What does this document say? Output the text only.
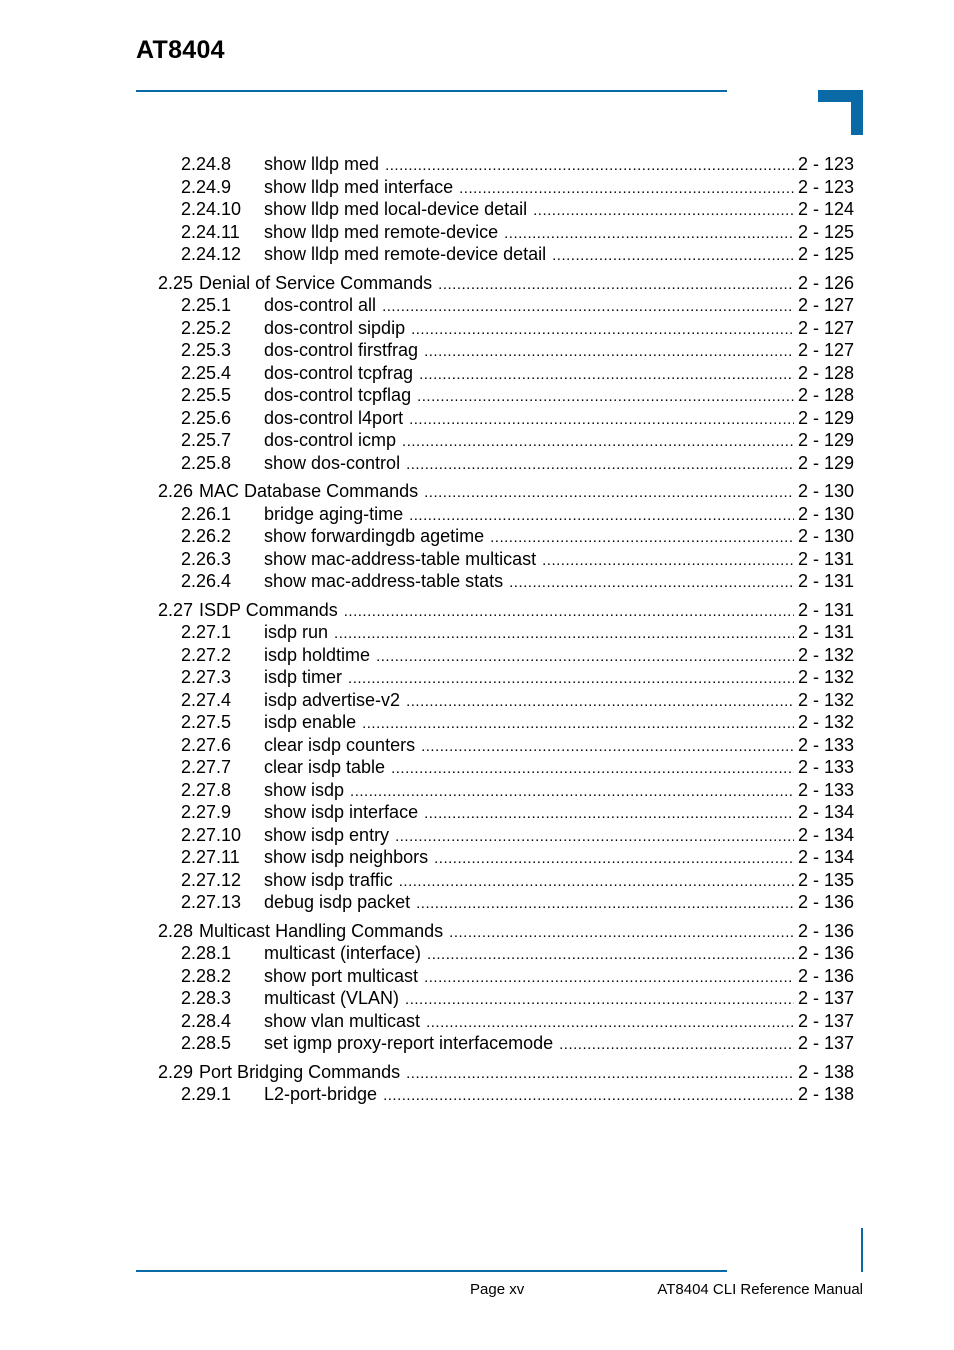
AT8404
2.24.8	show lldp med .....	2 - 123
2.24.9	show lldp med interface .....	2 - 123
2.24.10	show lldp med local-device detail .....	2 - 124
2.24.11	show lldp med remote-device .....	2 - 125
2.24.12	show lldp med remote-device detail .....	2 - 125
2.25 Denial of Service Commands .....	2 - 126
2.25.1	dos-control all .....	2 - 127
2.25.2	dos-control sipdip .....	2 - 127
2.25.3	dos-control firstfrag .....	2 - 127
2.25.4	dos-control tcpfrag .....	2 - 128
2.25.5	dos-control tcpflag .....	2 - 128
2.25.6	dos-control l4port .....	2 - 129
2.25.7	dos-control icmp .....	2 - 129
2.25.8	show dos-control .....	2 - 129
2.26 MAC Database Commands .....	2 - 130
2.26.1	bridge aging-time .....	2 - 130
2.26.2	show forwardingdb agetime .....	2 - 130
2.26.3	show mac-address-table multicast .....	2 - 131
2.26.4	show mac-address-table stats .....	2 - 131
2.27 ISDP Commands .....	2 - 131
2.27.1	isdp run .....	2 - 131
2.27.2	isdp holdtime .....	2 - 132
2.27.3	isdp timer .....	2 - 132
2.27.4	isdp advertise-v2 .....	2 - 132
2.27.5	isdp enable .....	2 - 132
2.27.6	clear isdp counters .....	2 - 133
2.27.7	clear isdp table .....	2 - 133
2.27.8	show isdp .....	2 - 133
2.27.9	show isdp interface .....	2 - 134
2.27.10	show isdp entry .....	2 - 134
2.27.11	show isdp neighbors .....	2 - 134
2.27.12	show isdp traffic .....	2 - 135
2.27.13	debug isdp packet .....	2 - 136
2.28 Multicast Handling Commands .....	2 - 136
2.28.1	multicast (interface) .....	2 - 136
2.28.2	show port multicast .....	2 - 136
2.28.3	multicast (VLAN) .....	2 - 137
2.28.4	show vlan multicast .....	2 - 137
2.28.5	set igmp proxy-report interfacemode .....	2 - 137
2.29 Port Bridging Commands .....	2 - 138
2.29.1	L2-port-bridge .....	2 - 138
Page xv	AT8404 CLI Reference Manual
